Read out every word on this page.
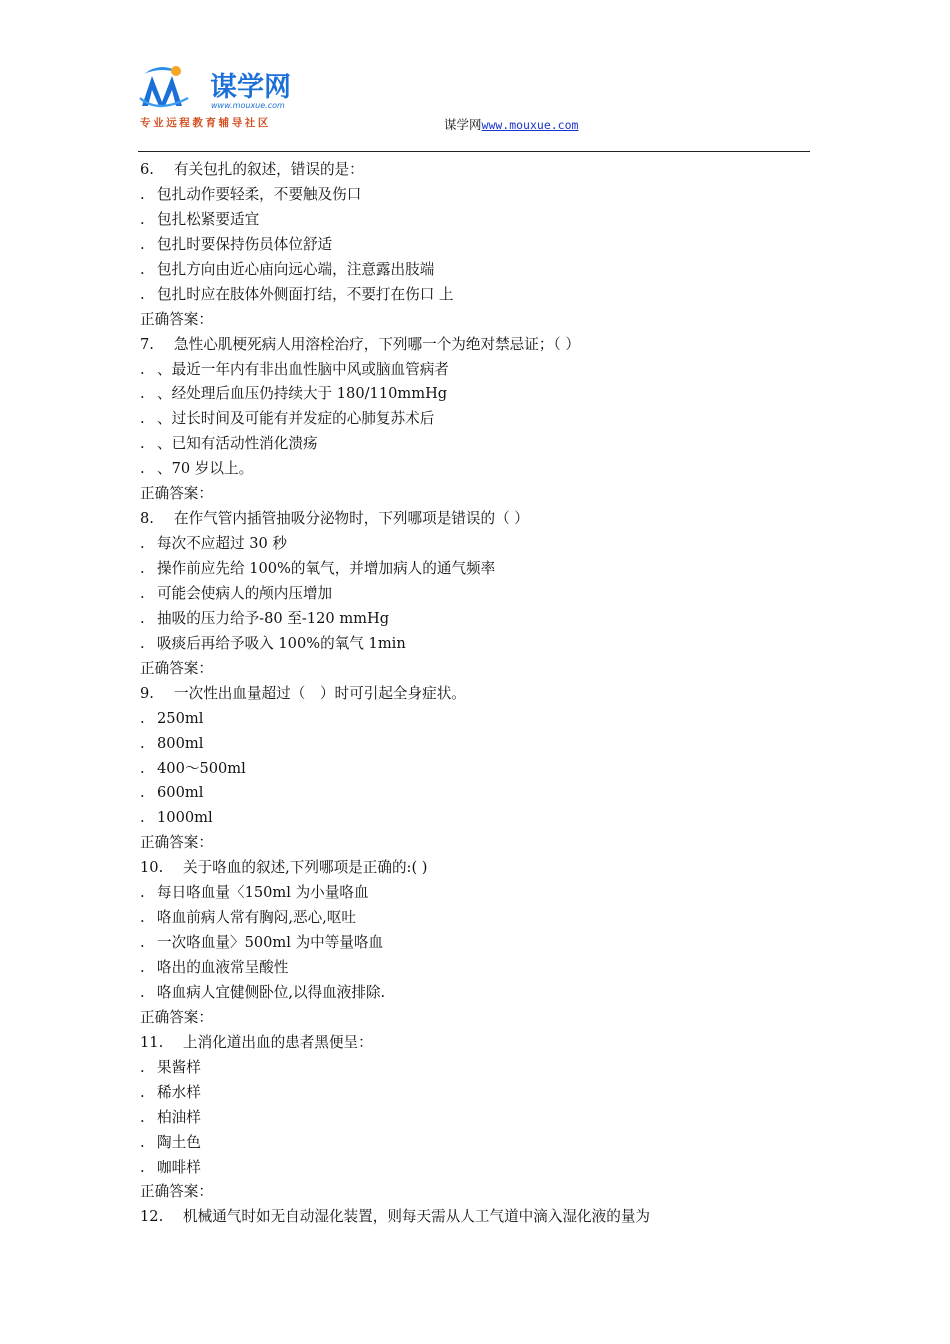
谋学网
www.mouxue.com
专业远程教育辅导社区	谋学网www.mouxue.com
6. 有关包扎的叙述，错误的是：
. 包扎动作要轻柔，不要触及伤口
. 包扎松紧要适宜
. 包扎时要保持伤员体位舒适
. 包扎方向由近心庙向远心端，注意露出肢端
. 包扎时应在肢体外侧面打结，不要打在伤口 上
正确答案：
7. 急性心肌梗死病人用溶栓治疗，下列哪一个为绝对禁忌证；（ ）
. 、最近一年内有非出血性脑中风或脑血管病者
. 、经处理后血压仍持续大于 180/110mmHg
. 、过长时间及可能有并发症的心肺复苏术后
. 、已知有活动性消化溃疡
. 、70 岁以上。
正确答案：
8. 在作气管内插管抽吸分泌物时，下列哪项是错误的（ ）
. 每次不应超过 30 秒
. 操作前应先给 100%的氧气，并增加病人的通气频率
. 可能会使病人的颅内压增加
. 抽吸的压力给予-80 至-120 mmHg
. 吸痰后再给予吸入 100%的氧气 1min
正确答案：
9. 一次性出血量超过（　）时可引起全身症状。
. 250ml
. 800ml
. 400～500ml
. 600ml
. 1000ml
正确答案：
10. 关于咯血的叙述,下列哪项是正确的:( )
. 每日咯血量〈150ml 为小量咯血
. 咯血前病人常有胸闷,恶心,呕吐
. 一次咯血量〉500ml 为中等量咯血
. 咯出的血液常呈酸性
. 咯血病人宜健侧卧位,以得血液排除.
正确答案：
11. 上消化道出血的患者黑便呈：
. 果酱样
. 稀水样
. 柏油样
. 陶土色
. 咖啡样
正确答案：
12. 机械通气时如无自动湿化装置，则每天需从人工气道中滴入湿化液的量为
